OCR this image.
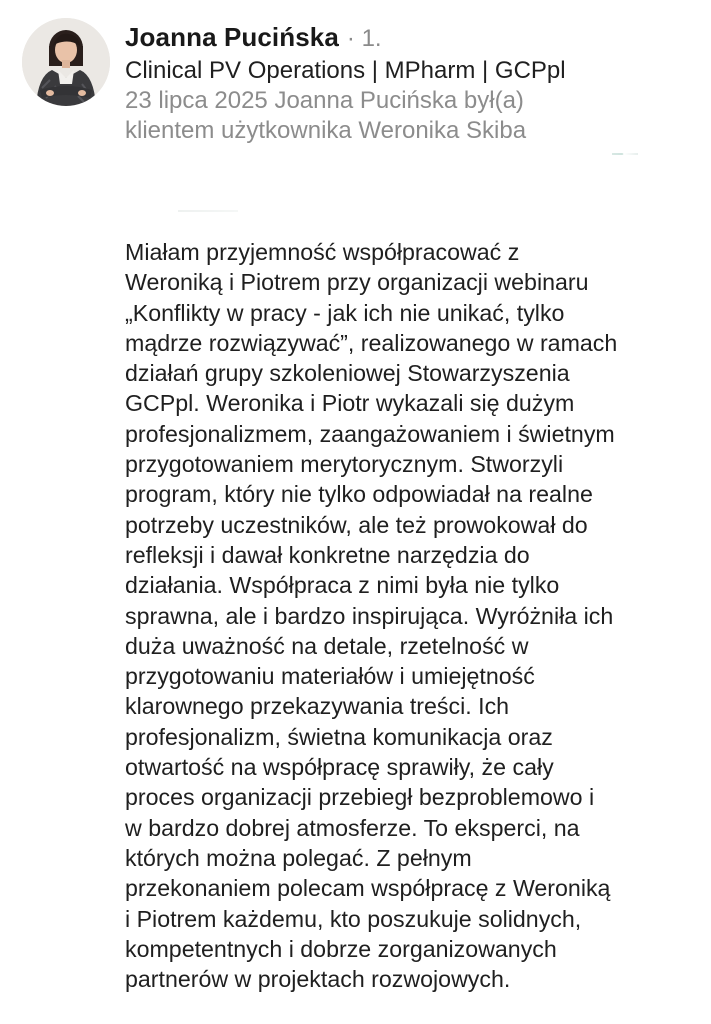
Joanna Pucińska · 1.
Clinical PV Operations | MPharm | GCPpl
23 lipca 2025 Joanna Pucińska był(a)
klientem użytkownika Weronika Skiba
Miałam przyjemność współpracować z
Weroniką i Piotrem przy organizacji webinaru
„Konflikty w pracy - jak ich nie unikać, tylko
mądrze rozwiązywać”, realizowanego w ramach
działań grupy szkoleniowej Stowarzyszenia
GCPpl. Weronika i Piotr wykazali się dużym
profesjonalizmem, zaangażowaniem i świetnym
przygotowaniem merytorycznym. Stworzyli
program, który nie tylko odpowiadał na realne
potrzeby uczestników, ale też prowokował do
refleksji i dawał konkretne narzędzia do
działania. Współpraca z nimi była nie tylko
sprawna, ale i bardzo inspirująca. Wyróżniła ich
duża uważność na detale, rzetelność w
przygotowaniu materiałów i umiejętność
klarownego przekazywania treści. Ich
profesjonalizm, świetna komunikacja oraz
otwartość na współpracę sprawiły, że cały
proces organizacji przebiegł bezproblemowo i
w bardzo dobrej atmosferze. To eksperci, na
których można polegać. Z pełnym
przekonaniem polecam współpracę z Weroniką
i Piotrem każdemu, kto poszukuje solidnych,
kompetentnych i dobrze zorganizowanych
partnerów w projektach rozwojowych.
